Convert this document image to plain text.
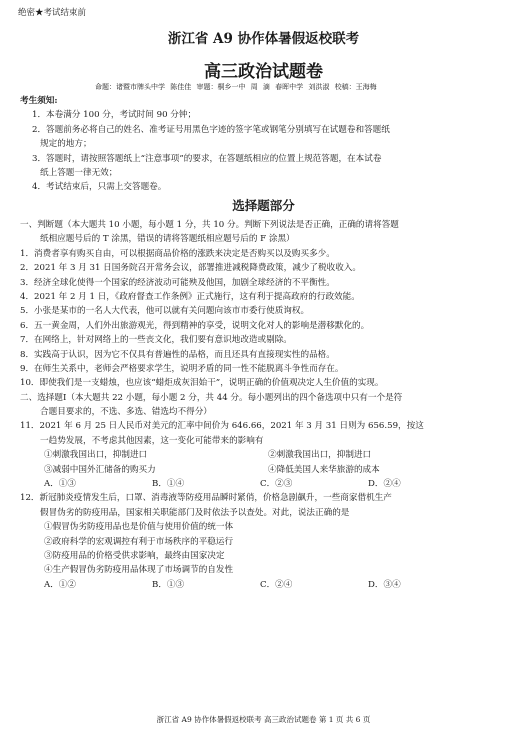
绝密★考试结束前
浙江省 A9 协作体暑假返校联考
高三政治试题卷
命题：诸暨市牌头中学 陈佳佳 审题：桐乡一中 周 滴 春晖中学 刘洪淑 校稿：王海梅
考生须知:
1．本卷满分 100 分，考试时间 90 分钟；
2．答题前务必将自己的姓名、准考证号用黑色字迹的签字笔或钢笔分别填写在试题卷和答题纸
规定的地方；
3．答题时，请按照答题纸上“注意事项”的要求，在答题纸相应的位置上规范答题，在本试卷
纸上答题一律无效；
4．考试结束后，只需上交答题卷。
选择题部分
一、判断题（本大题共 10 小题，每小题 1 分，共 10 分。判断下列说法是否正确，正确的请将答题
纸相应题号后的 T 涂黑，错误的请将答题纸相应题号后的 F 涂黑）
1．消费者享有购买自由，可以根据商品价格的涨跌来决定是否购买以及购买多少。
2．2021 年 3 月 31 日国务院召开常务会议，部署推进减税降费政策，减少了税收收入。
3．经济全球化使得一个国家的经济波动可能殃及他国，加剧全球经济的不平衡性。
4．2021 年 2 月 1 日，《政府督查工作条例》正式施行，这有利于提高政府的行政效能。
5．小张是某市的一名人大代表，他可以就有关问题向该市市委行使质询权。
6．五一黄金周，人们外出旅游观光，得到精神的享受，说明文化对人的影响是潜移默化的。
7．在网络上，针对网络上的一些丧文化，我们要有意识地改造或剔除。
8．实践高于认识，因为它不仅具有普遍性的品格，而且还具有直接现实性的品格。
9．在师生关系中，老师会严格要求学生，说明矛盾的同一性不能脱离斗争性而存在。
10．即使我们是一支蜡烛，也应该“蜡炬成灰泪始干”，说明正确的价值观决定人生价值的实现。
二、选择题Ⅰ（本大题共 22 小题，每小题 2 分，共 44 分。每小题列出的四个备选项中只有一个是符
合题目要求的，不选、多选、错选均不得分）
11．2021 年 6 月 25 日人民币对美元的汇率中间价为 646.66，2021 年 3 月 31 日则为 656.59，按这
一趋势发展，不考虑其他因素，这一变化可能带来的影响有
①刺激我国出口，抑制进口	②刺激我国出口，抑制进口
③减弱中国外汇储备的购买力	④降低美国人来华旅游的成本
A．①③	B．①④	C．②③	D．②④
12．新冠肺炎疫情发生后，口罩、消毒液等防疫用品瞬时紧俏，价格急剧飙升，一些商家借机生产
假冒伪劣的防疫用品，国家相关职能部门及时依法予以查处。对此，说法正确的是
①假冒伪劣防疫用品也是价值与使用价值的统一体
②政府科学的宏观调控有利于市场秩序的平稳运行
③防疫用品的价格受供求影响，最终由国家决定
④生产假冒伪劣防疫用品体现了市场调节的自发性
A．①②	B．①③	C．②④	D．③④
浙江省 A9 协作体暑假返校联考 高三政治试题卷 第 1 页 共 6 页
